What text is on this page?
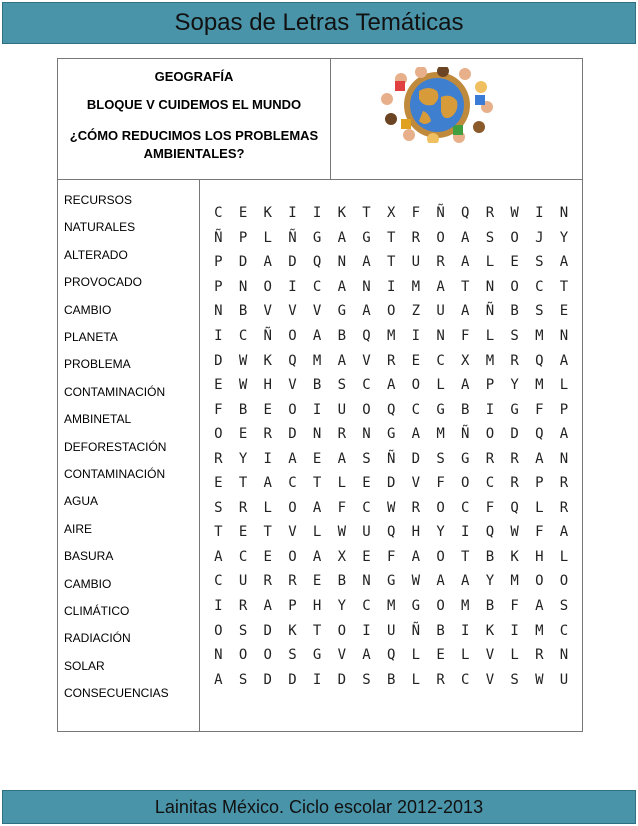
Sopas de Letras Temáticas
GEOGRAFÍA
BLOQUE V CUIDEMOS EL MUNDO
¿CÓMO REDUCIMOS LOS PROBLEMAS AMBIENTALES?
RECURSOS
NATURALES
ALTERADO
PROVOCADO
CAMBIO
PLANETA
PROBLEMA
CONTAMINACIÓN
AMBINETAL
DEFORESTACIÓN
CONTAMINACIÓN
AGUA
AIRE
BASURA
CAMBIO
CLIMÁTICO
RADIACIÓN
SOLAR
CONSECUENCIAS
C	E	K	I	I	K	T	X	F	Ñ	Q	R	W	I	N
Ñ	P	L	Ñ	G	A	G	T	R	O	A	S	O	J	Y
P	D	A	D	Q	N	A	T	U	R	A	L	E	S	A
P	N	O	I	C	A	N	I	M	A	T	N	O	C	T
N	B	V	V	V	G	A	O	Z	U	A	Ñ	B	S	E
I	C	Ñ	O	A	B	Q	M	I	N	F	L	S	M	N
D	W	K	Q	M	A	V	R	E	C	X	M	R	Q	A
E	W	H	V	B	S	C	A	O	L	A	P	Y	M	L
F	B	E	O	I	U	O	Q	C	G	B	I	G	F	P
O	E	R	D	N	R	N	G	A	M	Ñ	O	D	Q	A
R	Y	I	A	E	A	S	Ñ	D	S	G	R	R	A	N
E	T	A	C	T	L	E	D	V	F	O	C	R	P	R
S	R	L	O	A	F	C	W	R	O	C	F	Q	L	R
T	E	T	V	L	W	U	Q	H	Y	I	Q	W	F	A
A	C	E	O	A	X	E	F	A	O	T	B	K	H	L
C	U	R	R	E	B	N	G	W	A	A	Y	M	O	O
I	R	A	P	H	Y	C	M	G	O	M	B	F	A	S
O	S	D	K	T	O	I	U	Ñ	B	I	K	I	M	C
N	O	O	S	G	V	A	Q	L	E	L	V	L	R	N
A	S	D	D	I	D	S	B	L	R	C	V	S	W	U
Lainitas México. Ciclo escolar 2012-2013
